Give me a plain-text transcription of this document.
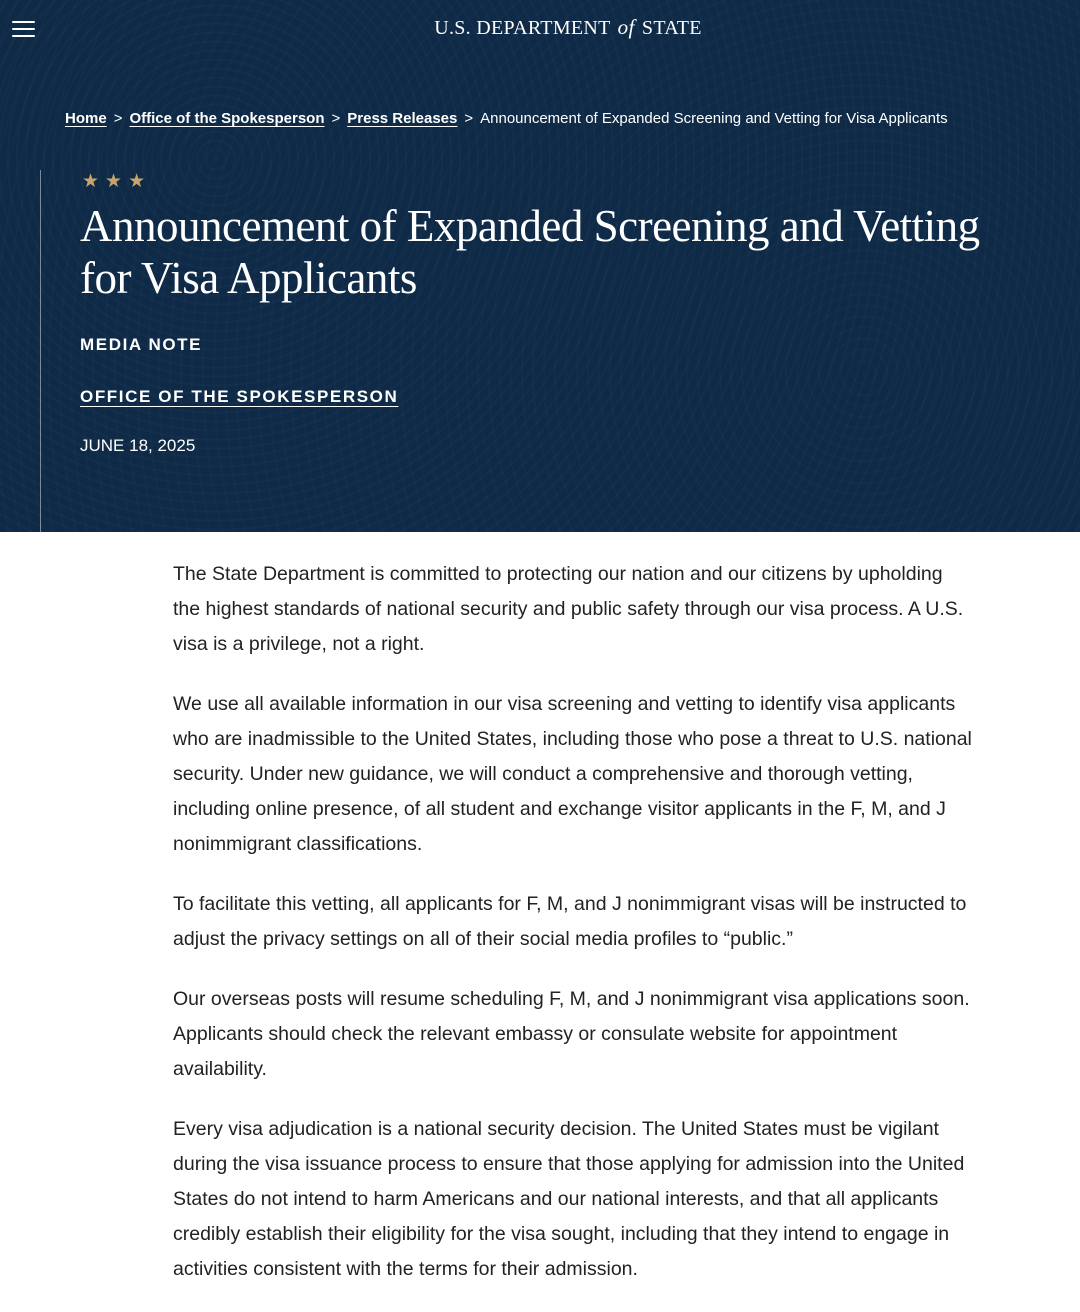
U.S. DEPARTMENT of STATE
Home > Office of the Spokesperson > Press Releases > Announcement of Expanded Screening and Vetting for Visa Applicants
★★★
Announcement of Expanded Screening and Vetting for Visa Applicants
MEDIA NOTE
OFFICE OF THE SPOKESPERSON
JUNE 18, 2025

The State Department is committed to protecting our nation and our citizens by upholding the highest standards of national security and public safety through our visa process. A U.S. visa is a privilege, not a right.

We use all available information in our visa screening and vetting to identify visa applicants who are inadmissible to the United States, including those who pose a threat to U.S. national security. Under new guidance, we will conduct a comprehensive and thorough vetting, including online presence, of all student and exchange visitor applicants in the F, M, and J nonimmigrant classifications.

To facilitate this vetting, all applicants for F, M, and J nonimmigrant visas will be instructed to adjust the privacy settings on all of their social media profiles to “public.”

Our overseas posts will resume scheduling F, M, and J nonimmigrant visa applications soon. Applicants should check the relevant embassy or consulate website for appointment availability.

Every visa adjudication is a national security decision. The United States must be vigilant during the visa issuance process to ensure that those applying for admission into the United States do not intend to harm Americans and our national interests, and that all applicants credibly establish their eligibility for the visa sought, including that they intend to engage in activities consistent with the terms for their admission.
